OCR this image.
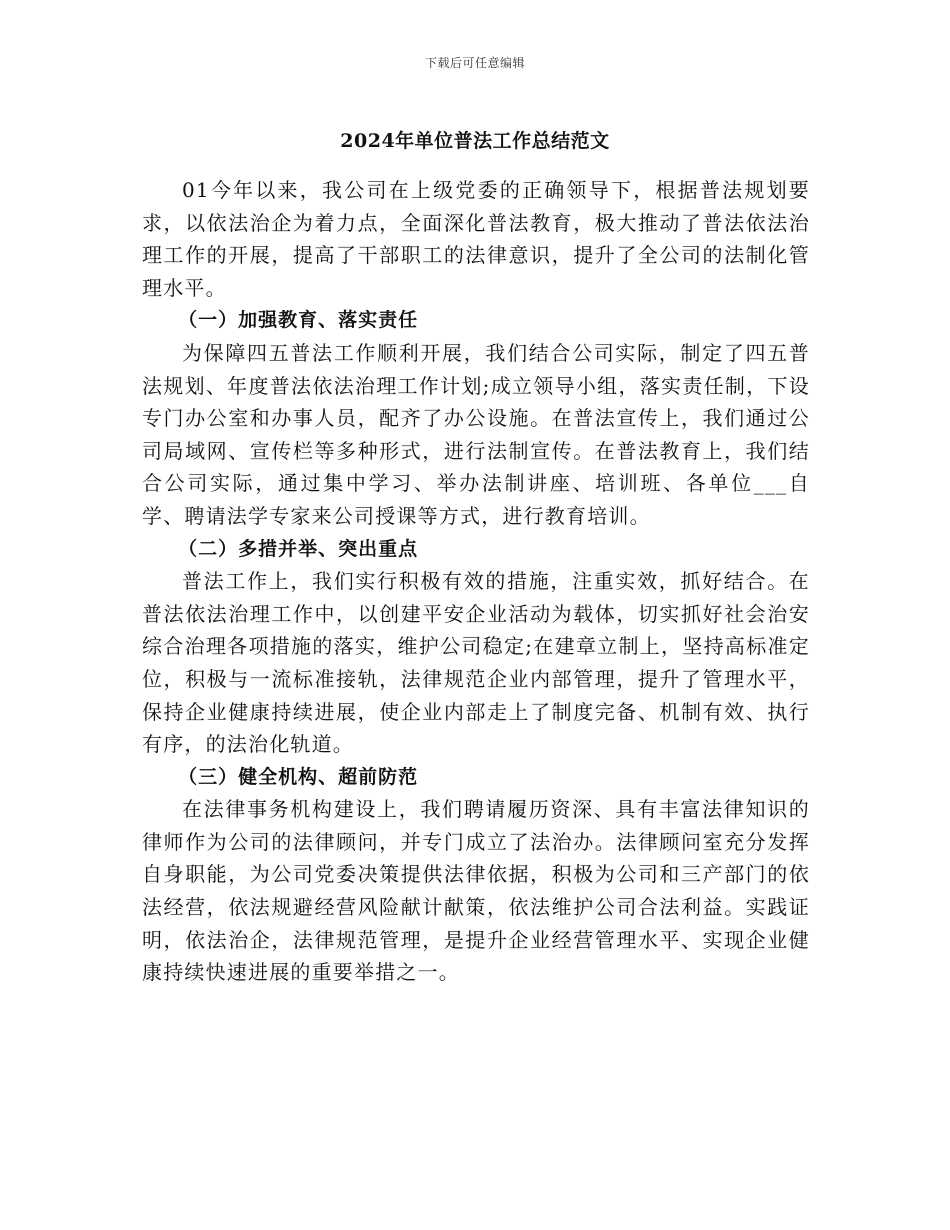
下载后可任意编辑
2024年单位普法工作总结范文

01今年以来，我公司在上级党委的正确领导下，根据普法规划要求，以依法治企为着力点，全面深化普法教育，极大推动了普法依法治理工作的开展，提高了干部职工的法律意识，提升了全公司的法制化管理水平。

（一）加强教育、落实责任

为保障四五普法工作顺利开展，我们结合公司实际，制定了四五普法规划、年度普法依法治理工作计划;成立领导小组，落实责任制，下设专门办公室和办事人员，配齐了办公设施。在普法宣传上，我们通过公司局域网、宣传栏等多种形式，进行法制宣传。在普法教育上，我们结合公司实际，通过集中学习、举办法制讲座、培训班、各单位___自学、聘请法学专家来公司授课等方式，进行教育培训。

（二）多措并举、突出重点

普法工作上，我们实行积极有效的措施，注重实效，抓好结合。在普法依法治理工作中，以创建平安企业活动为载体，切实抓好社会治安综合治理各项措施的落实，维护公司稳定;在建章立制上，坚持高标准定位，积极与一流标准接轨，法律规范企业内部管理，提升了管理水平，保持企业健康持续进展，使企业内部走上了制度完备、机制有效、执行有序，的法治化轨道。

（三）健全机构、超前防范

在法律事务机构建设上，我们聘请履历资深、具有丰富法律知识的律师作为公司的法律顾问，并专门成立了法治办。法律顾问室充分发挥自身职能，为公司党委决策提供法律依据，积极为公司和三产部门的依法经营，依法规避经营风险献计献策，依法维护公司合法利益。实践证明，依法治企，法律规范管理，是提升企业经营管理水平、实现企业健康持续快速进展的重要举措之一。
